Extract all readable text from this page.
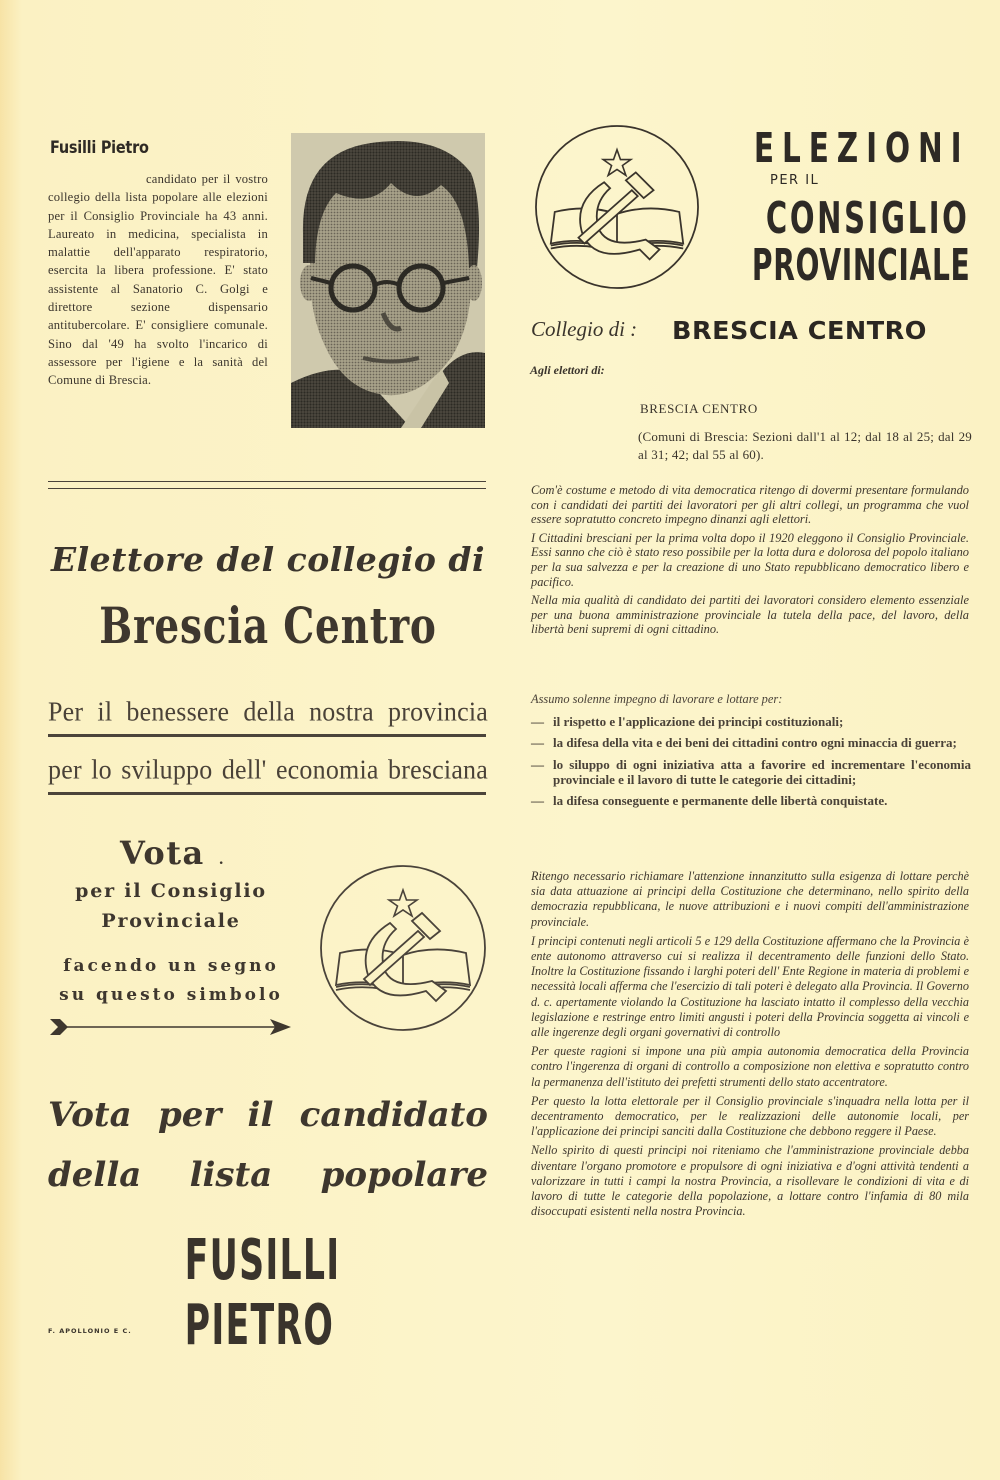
Fusilli Pietro
candidato per il vostro collegio della lista popolare alle elezioni per il Consiglio Provinciale ha 43 anni. Laureato in medicina, specialista in malattie dell'apparato respiratorio, esercita la libera professione. E' stato assistente al Sanatorio C. Golgi e direttore sezione dispensario antitubercolare. E' consigliere comunale. Sino dal '49 ha svolto l'incarico di assessore per l'igiene e la sanità del Comune di Brescia.
ELEZIONI
PER IL
CONSIGLIO
PROVINCIALE
Collegio di : BRESCIA CENTRO
Agli elettori di:
BRESCIA CENTRO
(Comuni di Brescia: Sezioni dall'1 al 12; dal 18 al 25; dal 29 al 31; 42; dal 55 al 60).

Com'è costume e metodo di vita democratica ritengo di dovermi presentare formulando con i candidati dei partiti dei lavoratori per gli altri collegi, un programma che vuol essere sopratutto concreto impegno dinanzi agli elettori.

I Cittadini bresciani per la prima volta dopo il 1920 eleggono il Consiglio Provinciale. Essi sanno che ciò è stato reso possibile per la lotta dura e dolorosa del popolo italiano per la sua salvezza e per la creazione di uno Stato repubblicano democratico libero e pacifico.

Nella mia qualità di candidato dei partiti dei lavoratori considero elemento essenziale per una buona amministrazione provinciale la tutela della pace, del lavoro, della libertà beni supremi di ogni cittadino.

Assumo solenne impegno di lavorare e lottare per:
— il rispetto e l'applicazione dei principi costituzionali;
— la difesa della vita e dei beni dei cittadini contro ogni minaccia di guerra;
— lo siluppo di ogni iniziativa atta a favorire ed incrementare l'economia provinciale e il lavoro di tutte le categorie dei cittadini;
— la difesa conseguente e permanente delle libertà conquistate.

Ritengo necessario richiamare l'attenzione innanzitutto sulla esigenza di lottare perchè sia data attuazione ai principi della Costituzione che determinano, nello spirito della democrazia repubblicana, le nuove attribuzioni e i nuovi compiti dell'amministrazione provinciale.

I principi contenuti negli articoli 5 e 129 della Costituzione affermano che la Provincia è ente autonomo attraverso cui si realizza il decentramento delle funzioni dello Stato. Inoltre la Costituzione fissando i larghi poteri dell' Ente Regione in materia di problemi e necessità locali afferma che l'esercizio di tali poteri è delegato alla Provincia. Il Governo d. c. apertamente violando la Costituzione ha lasciato intatto il complesso della vecchia legislazione e restringe entro limiti angusti i poteri della Provincia soggetta ai vincoli e alle ingerenze degli organi governativi di controllo

Per queste ragioni si impone una più ampia autonomia democratica della Provincia contro l'ingerenza di organi di controllo a composizione non elettiva e sopratutto contro la permanenza dell'istituto dei prefetti strumenti dello stato accentratore.

Per questo la lotta elettorale per il Consiglio provinciale s'inquadra nella lotta per il decentramento democratico, per le realizzazioni delle autonomie locali, per l'applicazione dei principi sanciti dalla Costituzione che debbono reggere il Paese.

Nello spirito di questi principi noi riteniamo che l'amministrazione provinciale debba diventare l'organo promotore e propulsore di ogni iniziativa e d'ogni attività tendenti a valorizzare in tutti i campi la nostra Provincia, a risollevare le condizioni di vita e di lavoro di tutte le categorie della popolazione, a lottare contro l'infamia di 80 mila disoccupati esistenti nella nostra Provincia.

Elettore del collegio di
Brescia Centro
Per il benessere della nostra provincia
per lo sviluppo dell' economia bresciana
Vota .
per il Consiglio
Provinciale
facendo un segno
su questo simbolo
Vota per il candidato
della lista popolare
FUSILLI PIETRO
F. APOLLONIO E C.
